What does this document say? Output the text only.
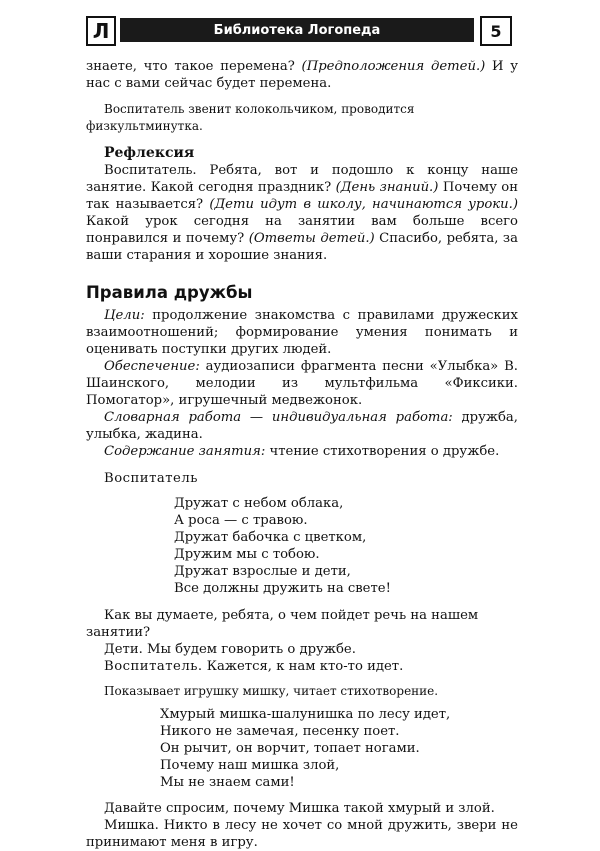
Л	Библиотека Логопеда	5

знаете, что такое перемена? (Предположения детей.) И у нас с вами сейчас будет перемена.

Воспитатель звенит колокольчиком, проводится физкультминутка.

Рефлексия

Воспитатель. Ребята, вот и подошло к концу наше занятие. Какой сегодня праздник? (День знаний.) Почему он так называется? (Дети идут в школу, начинаются уроки.) Какой урок сегодня на занятии вам больше всего понравился и почему? (Ответы детей.) Спасибо, ребята, за ваши старания и хорошие знания.

Правила дружбы

Цели: продолжение знакомства с правилами дружеских взаимоотношений; формирование умения понимать и оценивать поступки других людей.

Обеспечение: аудиозаписи фрагмента песни «Улыбка» В. Шаинского, мелодии из мультфильма «Фиксики. Помогатор», игрушечный медвежонок.

Словарная работа — индивидуальная работа: дружба, улыбка, жадина.

Содержание занятия: чтение стихотворения о дружбе.

Воспитатель

Дружат с небом облака,

А роса — с травою.

Дружат бабочка с цветком,

Дружим мы с тобою.

Дружат взрослые и дети,

Все должны дружить на свете!

Как вы думаете, ребята, о чем пойдет речь на нашем занятии?

Дети. Мы будем говорить о дружбе.

Воспитатель. Кажется, к нам кто-то идет.

Показывает игрушку мишку, читает стихотворение.

Хмурый мишка-шалунишка по лесу идет,

Никого не замечая, песенку поет.

Он рычит, он ворчит, топает ногами.

Почему наш мишка злой,

Мы не знаем сами!

Давайте спросим, почему Мишка такой хмурый и злой.

Мишка. Никто в лесу не хочет со мной дружить, звери не принимают меня в игру.
